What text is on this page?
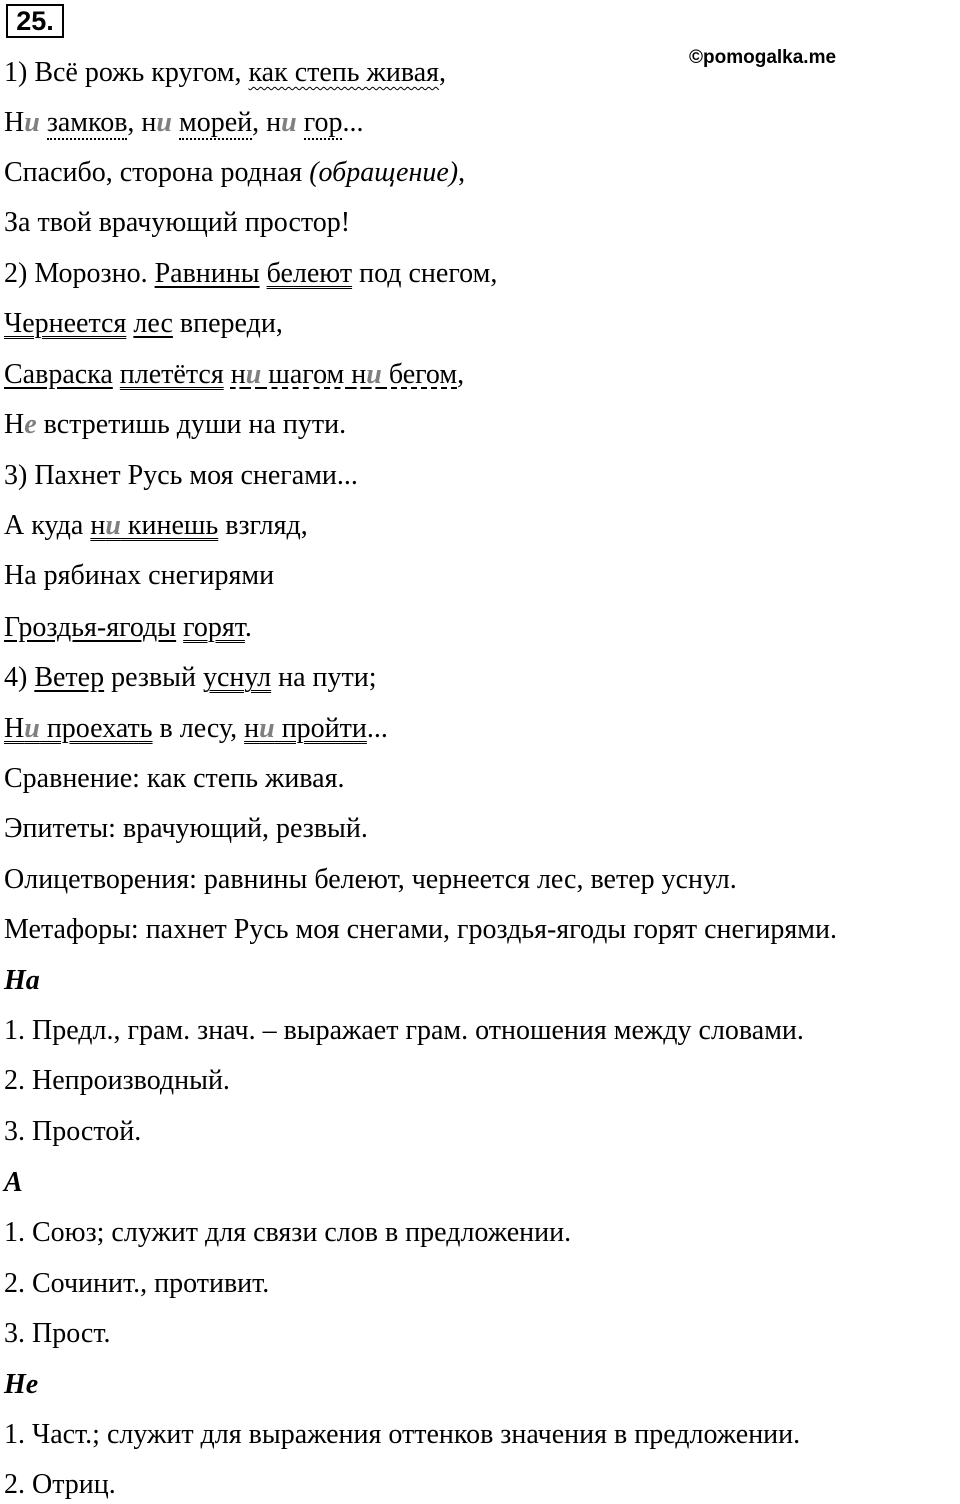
25.
©pomogalka.me
1) Всё рожь кругом, как степь живая,
Ни замков, ни морей, ни гор...
Спасибо, сторона родная (обращение),
За твой врачующий простор!
2) Морозно. Равнины белеют под снегом,
Чернеется лес впереди,
Савраска плетётся ни шагом ни бегом,
Не встретишь души на пути.
3) Пахнет Русь моя снегами...
А куда ни кинешь взгляд,
На рябинах снегирями
Гроздья-ягоды горят.
4) Ветер резвый уснул на пути;
Ни проехать в лесу, ни пройти...
Сравнение: как степь живая.
Эпитеты: врачующий, резвый.
Олицетворения: равнины белеют, чернеется лес, ветер уснул.
Метафоры: пахнет Русь моя снегами, гроздья-ягоды горят снегирями.
На
1. Предл., грам. знач. – выражает грам. отношения между словами.
2. Непроизводный.
3. Простой.
А
1. Союз; служит для связи слов в предложении.
2. Сочинит., противит.
3. Прост.
Не
1. Част.; служит для выражения оттенков значения в предложении.
2. Отриц.
